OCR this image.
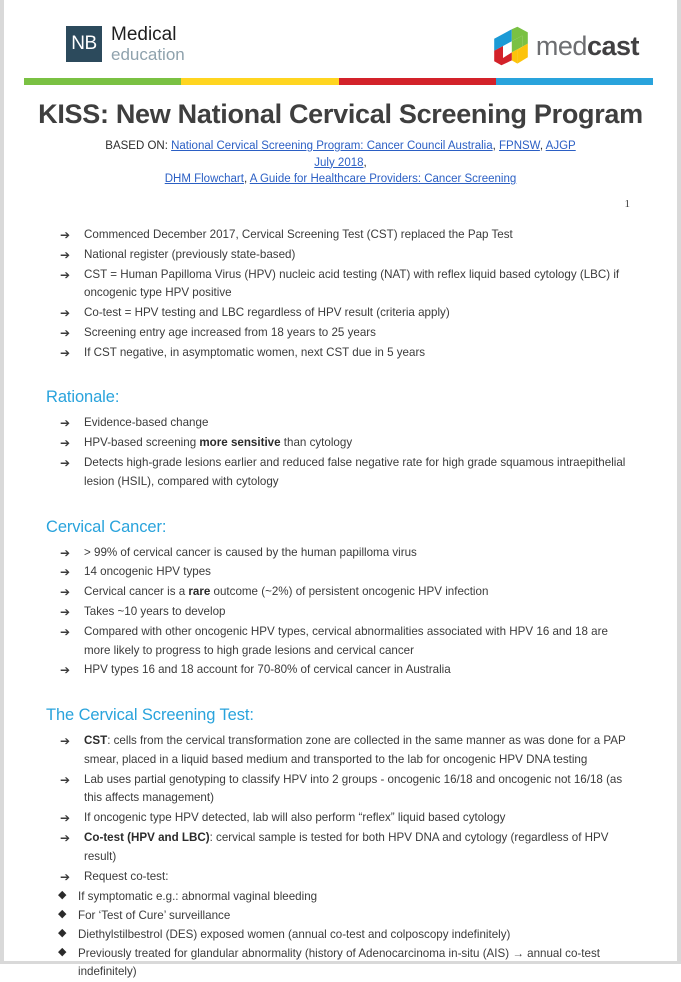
NB Medical
education	medcast
KISS: New National Cervical Screening Program
BASED ON: National Cervical Screening Program: Cancer Council Australia, FPNSW, AJGP July 2018,
DHM Flowchart, A Guide for Healthcare Providers: Cancer Screening
1
➔ Commenced December 2017, Cervical Screening Test (CST) replaced the Pap Test
➔ National register (previously state-based)
➔ CST = Human Papilloma Virus (HPV) nucleic acid testing (NAT) with reflex liquid based cytology (LBC) if oncogenic type HPV positive
➔ Co-test = HPV testing and LBC regardless of HPV result (criteria apply)
➔ Screening entry age increased from 18 years to 25 years
➔ If CST negative, in asymptomatic women, next CST due in 5 years
Rationale:
➔ Evidence-based change
➔ HPV-based screening more sensitive than cytology
➔ Detects high-grade lesions earlier and reduced false negative rate for high grade squamous intraepithelial lesion (HSIL), compared with cytology
Cervical Cancer:
➔ > 99% of cervical cancer is caused by the human papilloma virus
➔ 14 oncogenic HPV types
➔ Cervical cancer is a rare outcome (~2%) of persistent oncogenic HPV infection
➔ Takes ~10 years to develop
➔ Compared with other oncogenic HPV types, cervical abnormalities associated with HPV 16 and 18 are more likely to progress to high grade lesions and cervical cancer
➔ HPV types 16 and 18 account for 70-80% of cervical cancer in Australia
The Cervical Screening Test:
➔ CST: cells from the cervical transformation zone are collected in the same manner as was done for a PAP smear, placed in a liquid based medium and transported to the lab for oncogenic HPV DNA testing
➔ Lab uses partial genotyping to classify HPV into 2 groups - oncogenic 16/18 and oncogenic not 16/18 (as this affects management)
➔ If oncogenic type HPV detected, lab will also perform “reflex” liquid based cytology
➔ Co-test (HPV and LBC): cervical sample is tested for both HPV DNA and cytology (regardless of HPV result)
➔ Request co-test:
◆ If symptomatic e.g.: abnormal vaginal bleeding
◆ For ‘Test of Cure’ surveillance
◆ Diethylstilbestrol (DES) exposed women (annual co-test and colposcopy indefinitely)
◆ Previously treated for glandular abnormality (history of Adenocarcinoma in-situ (AIS) → annual co-test indefinitely)
